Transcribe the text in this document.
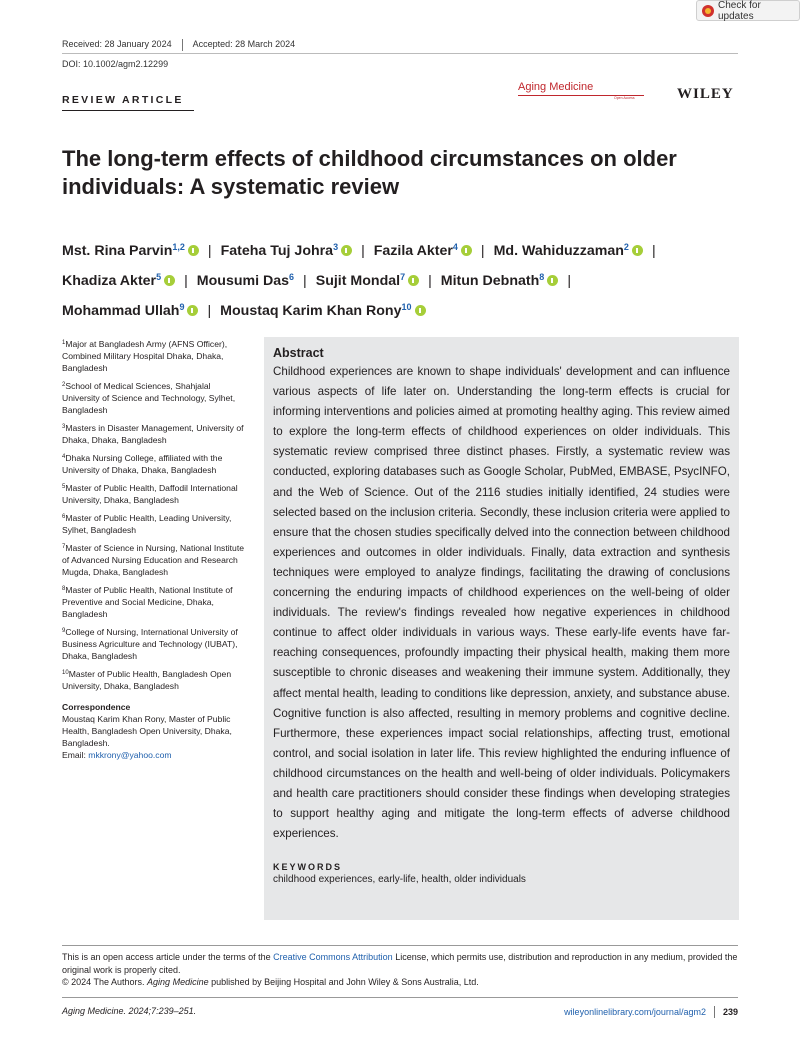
Check for updates
Received: 28 January 2024 Accepted: 28 March 2024
DOI: 10.1002/agm2.12299
REVIEW ARTICLE
Aging Medicine
Open Access	WILEY
The long-term effects of childhood circumstances on older individuals: A systematic review
Mst. Rina Parvin$^{1,2}$ | Fateha Tuj Johra$^3$ | Fazila Akter$^4$ | Md. Wahiduzzaman$^2$ |
Khadiza Akter$^5$ | Mousumi Das$^6$ | Sujit Mondal$^7$ | Mitun Debnath$^8$ |
Mohammad Ullah$^9$ | Moustaq Karim Khan Rony$^{10}$
$^1$Major at Bangladesh Army (AFNS Officer), Combined Military Hospital Dhaka, Dhaka, Bangladesh
$^2$School of Medical Sciences, Shahjalal University of Science and Technology, Sylhet, Bangladesh
$^3$Masters in Disaster Management, University of Dhaka, Dhaka, Bangladesh
$^4$Dhaka Nursing College, affiliated with the University of Dhaka, Dhaka, Bangladesh
$^5$Master of Public Health, Daffodil International University, Dhaka, Bangladesh
$^6$Master of Public Health, Leading University, Sylhet, Bangladesh
$^7$Master of Science in Nursing, National Institute of Advanced Nursing Education and Research Mugda, Dhaka, Bangladesh
$^8$Master of Public Health, National Institute of Preventive and Social Medicine, Dhaka, Bangladesh
$^9$College of Nursing, International University of Business Agriculture and Technology (IUBAT), Dhaka, Bangladesh
$^{10}$Master of Public Health, Bangladesh Open University, Dhaka, Bangladesh
Correspondence
Moustaq Karim Khan Rony, Master of Public Health, Bangladesh Open University, Dhaka, Bangladesh.
Email: mkkrony@yahoo.com
Abstract
Childhood experiences are known to shape individuals' development and can influence various aspects of life later on. Understanding the long-term effects is crucial for informing interventions and policies aimed at promoting healthy aging. This review aimed to explore the long-term effects of childhood experiences on older individuals. This systematic review comprised three distinct phases. Firstly, a systematic review was conducted, exploring databases such as Google Scholar, PubMed, EMBASE, PsycINFO, and the Web of Science. Out of the 2116 studies initially identified, 24 studies were selected based on the inclusion criteria. Secondly, these inclusion criteria were applied to ensure that the chosen studies specifically delved into the connection between childhood experiences and outcomes in older individuals. Finally, data extraction and synthesis techniques were employed to analyze findings, facilitating the drawing of conclusions concerning the enduring impacts of childhood experiences on the well-being of older individuals. The review's findings revealed how negative experiences in childhood continue to affect older individuals in various ways. These early-life events have far-reaching consequences, profoundly impacting their physical health, making them more susceptible to chronic diseases and weakening their immune system. Additionally, they affect mental health, leading to conditions like depression, anxiety, and substance abuse. Cognitive function is also affected, resulting in memory problems and cognitive decline. Furthermore, these experiences impact social relationships, affecting trust, emotional control, and social isolation in later life. This review highlighted the enduring influence of childhood circumstances on the health and well-being of older individuals. Policymakers and health care practitioners should consider these findings when developing strategies to support healthy aging and mitigate the long-term effects of adverse childhood experiences.
KEYWORDS
childhood experiences, early-life, health, older individuals
This is an open access article under the terms of the Creative Commons Attribution License, which permits use, distribution and reproduction in any medium, provided the original work is properly cited.
© 2024 The Authors. Aging Medicine published by Beijing Hospital and John Wiley & Sons Australia, Ltd.
Aging Medicine. 2024;7:239–251.	wileyonlinelibrary.com/journal/agm2 239
